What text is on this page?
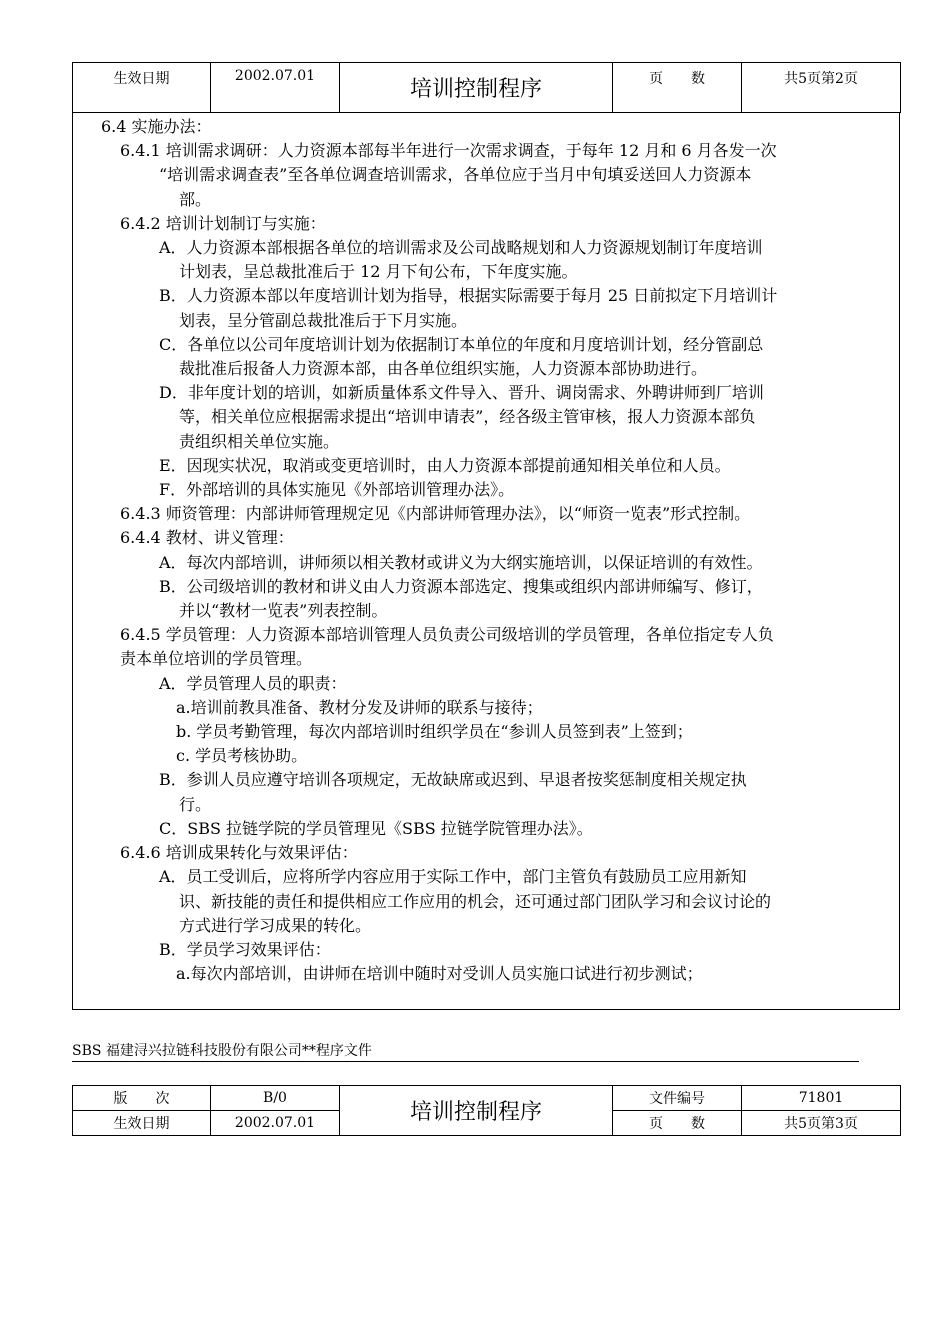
生效日期	2002.07.01	培训控制程序	页　　数	共5页第2页
6.4 实施办法：
6.4.1 培训需求调研：人力资源本部每半年进行一次需求调查，于每年 12 月和 6 月各发一次
“培训需求调查表”至各单位调查培训需求，各单位应于当月中旬填妥送回人力资源本
部。
6.4.2 培训计划制订与实施：
A．人力资源本部根据各单位的培训需求及公司战略规划和人力资源规划制订年度培训
计划表，呈总裁批准后于 12 月下旬公布，下年度实施。
B．人力资源本部以年度培训计划为指导，根据实际需要于每月 25 日前拟定下月培训计
划表，呈分管副总裁批准后于下月实施。
C．各单位以公司年度培训计划为依据制订本单位的年度和月度培训计划，经分管副总
裁批准后报备人力资源本部，由各单位组织实施，人力资源本部协助进行。
D．非年度计划的培训，如新质量体系文件导入、晋升、调岗需求、外聘讲师到厂培训
等，相关单位应根据需求提出“培训申请表”，经各级主管审核，报人力资源本部负
责组织相关单位实施。
E．因现实状况，取消或变更培训时，由人力资源本部提前通知相关单位和人员。
F．外部培训的具体实施见《外部培训管理办法》。
6.4.3 师资管理：内部讲师管理规定见《内部讲师管理办法》，以“师资一览表”形式控制。
6.4.4 教材、讲义管理：
A．每次内部培训，讲师须以相关教材或讲义为大纲实施培训，以保证培训的有效性。
B．公司级培训的教材和讲义由人力资源本部选定、搜集或组织内部讲师编写、修订，
并以“教材一览表”列表控制。
6.4.5 学员管理：人力资源本部培训管理人员负责公司级培训的学员管理，各单位指定专人负
责本单位培训的学员管理。
A．学员管理人员的职责：
a.培训前教具准备、教材分发及讲师的联系与接待；
b. 学员考勤管理，每次内部培训时组织学员在“参训人员签到表”上签到；
c. 学员考核协助。
B．参训人员应遵守培训各项规定，无故缺席或迟到、早退者按奖惩制度相关规定执
行。
C．SBS 拉链学院的学员管理见《SBS 拉链学院管理办法》。
6.4.6 培训成果转化与效果评估：
A．员工受训后，应将所学内容应用于实际工作中，部门主管负有鼓励员工应用新知
识、新技能的责任和提供相应工作应用的机会，还可通过部门团队学习和会议讨论的
方式进行学习成果的转化。
B．学员学习效果评估：
a.每次内部培训，由讲师在培训中随时对受训人员实施口试进行初步测试；
SBS 福建浔兴拉链科技股份有限公司**程序文件
版　　次	B/0	培训控制程序	文件编号	71801
生效日期	2002.07.01		页　　数	共5页第3页
